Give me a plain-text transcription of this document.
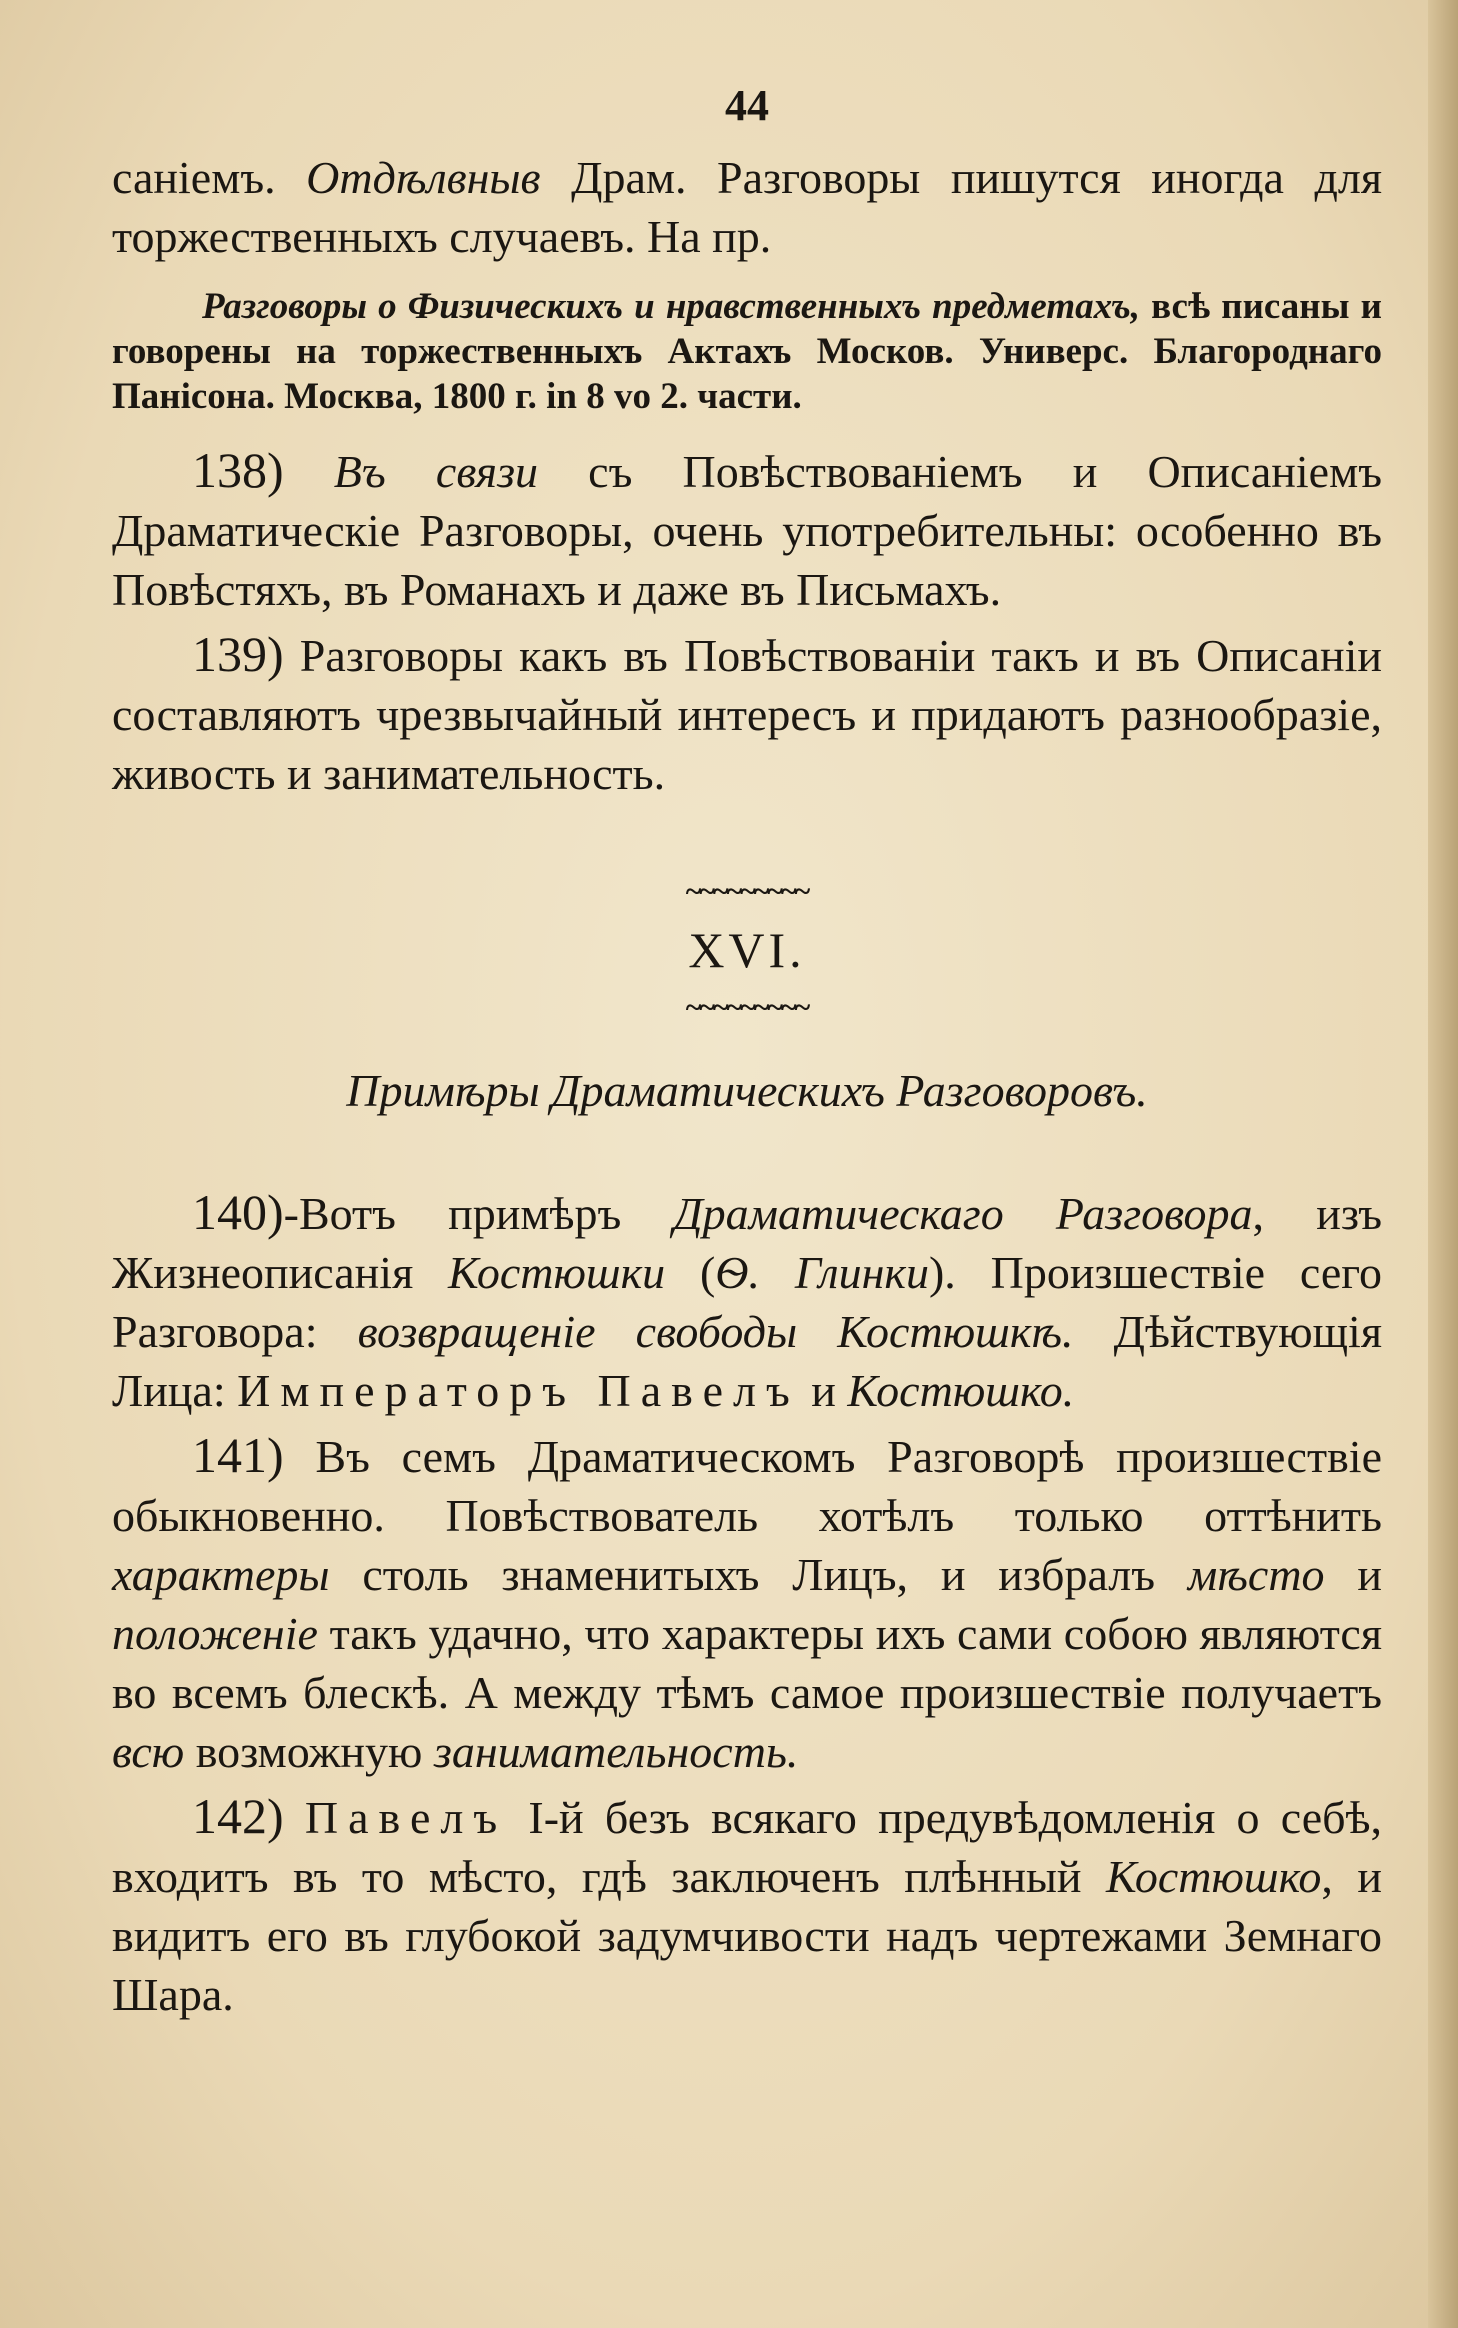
44

саніемъ. Отдѣлвныв Драм. Разговоры пишутся иногда для торжественныхъ случаевъ. На пр.

Разговоры о Физическихъ и нравственныхъ предметахъ, всѣ писаны и говорены на торжественныхъ Актахъ Москов. Универс. Благороднаго Панісона. Москва, 1800 г. in 8 vo 2. части.

138) Въ связи съ Повѣствованіемъ и Описаніемъ Драматическіе Разговоры, очень употребительны: особенно въ Повѣстяхъ, въ Романахъ и даже въ Письмахъ.

139) Разговоры какъ въ Повѣствованіи такъ и въ Описаніи составляютъ чрезвычайный интересъ и придаютъ разнообразіе, живость и занимательность.

~~~~~~~~~
XVI.
~~~~~~~~~
Примѣры Драматическихъ Разговоровъ.

140)-Вотъ примѣръ Драматическаго Разговора, изъ Жизнеописанія Костюшки (Ѳ. Глинки). Произшествіе сего Разговора: возвращеніе свободы Костюшкѣ. Дѣйствующія Лица: Императоръ Павелъ и Костюшко.

141) Въ семъ Драматическомъ Разговорѣ произшествіе обыкновенно. Повѣствователь хотѣлъ только оттѣнить характеры столь знаменитыхъ Лицъ, и избралъ мѣсто и положеніе такъ удачно, что характеры ихъ сами собою являются во всемъ блескѣ. А между тѣмъ самое произшествіе получаетъ всю возможную занимательность.

142) Павелъ I-й безъ всякаго предувѣдомленія о себѣ, входитъ въ то мѣсто, гдѣ заключенъ плѣнный Костюшко, и видитъ его въ глубокой задумчивости надъ чертежами Земнаго Шара.
